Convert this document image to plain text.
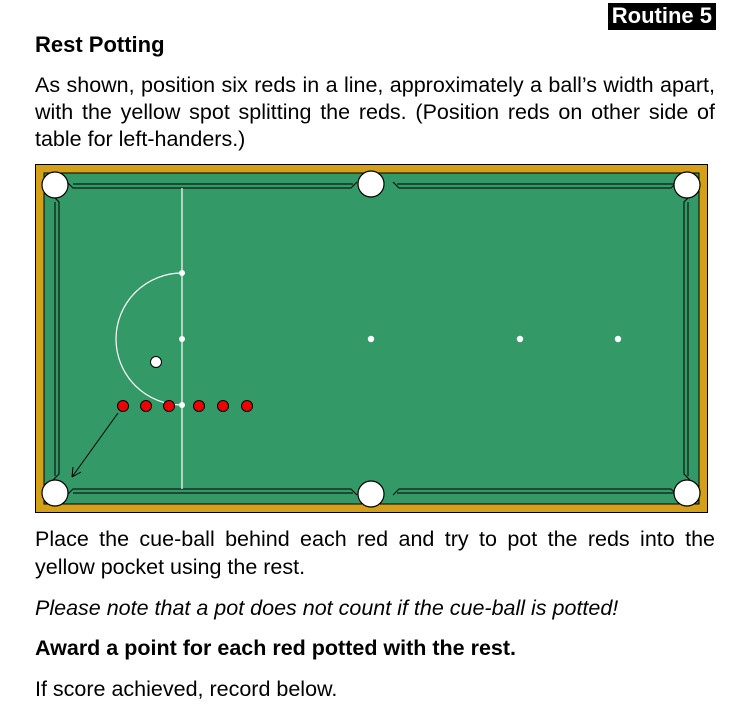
Routine 5
Rest Potting
As shown, position six reds in a line, approximately a ball’s width apart, with the yellow spot splitting the reds. (Position reds on other side of table for left-handers.)
Place the cue-ball behind each red and try to pot the reds into the yellow pocket using the rest.
Please note that a pot does not count if the cue-ball is potted!
Award a point for each red potted with the rest.
If score achieved, record below.
